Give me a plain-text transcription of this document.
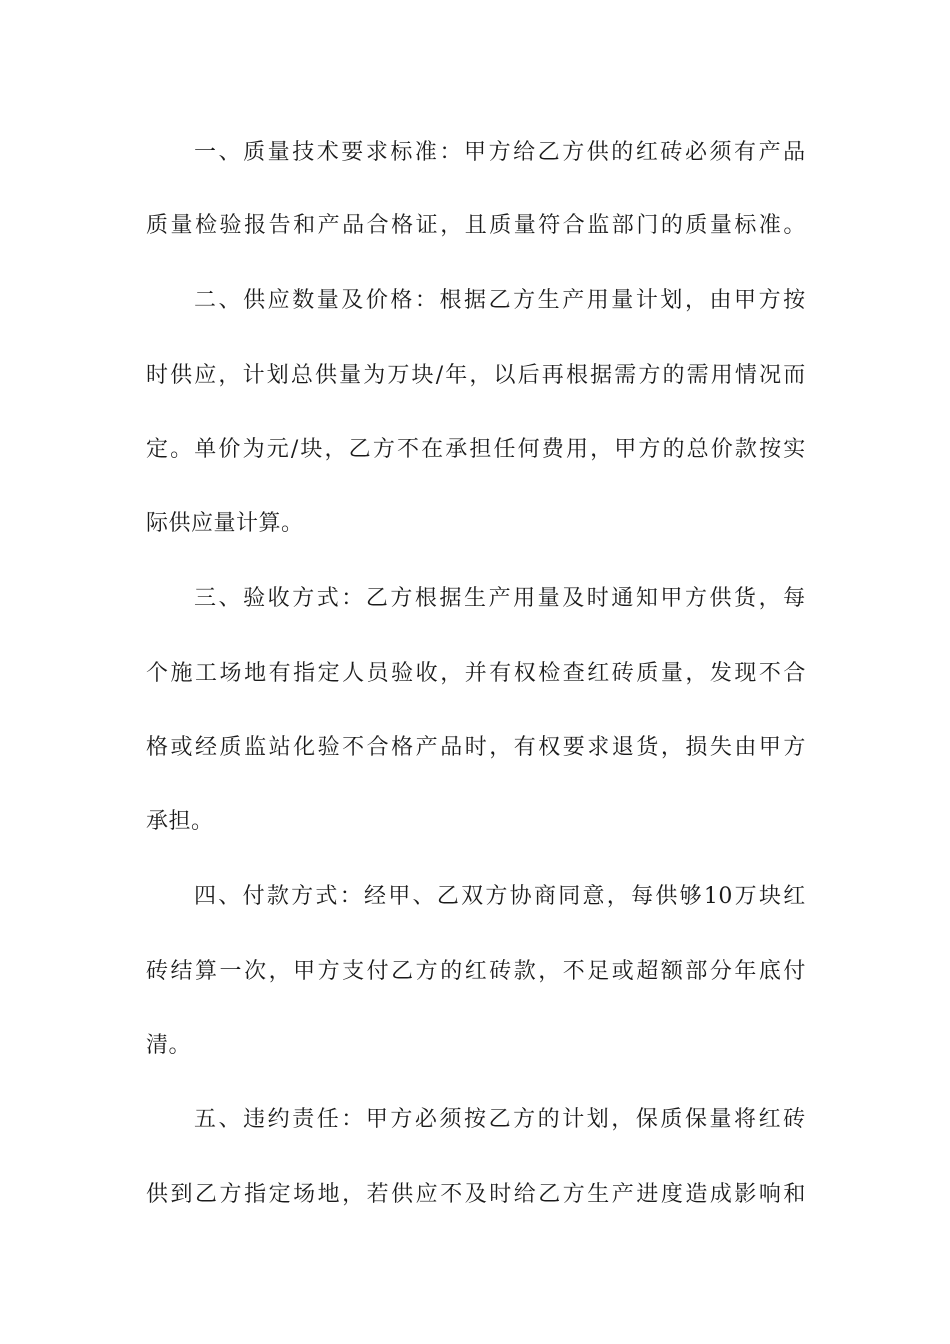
一 、 质 量 技 术 要 求 标 准 ： 甲 方 给 乙 方 供 的 红 砖 必 须 有 产 品
质 量 检 验 报 告 和 产 品 合 格 证 ， 且 质 量 符 合 监 部 门 的 质 量 标 准 。
二 、 供 应 数 量 及 价 格 ： 根 据 乙 方 生 产 用 量 计 划 ， 由 甲 方 按
时 供 应 ， 计 划 总 供 量 为 万 块 / 年 ， 以 后 再 根 据 需 方 的 需 用 情 况 而
定 。 单 价 为 元 / 块 ， 乙 方 不 在 承 担 任 何 费 用 ， 甲 方 的 总 价 款 按 实
际供应量计算。
三 、 验 收 方 式 ： 乙 方 根 据 生 产 用 量 及 时 通 知 甲 方 供 货 ， 每
个 施 工 场 地 有 指 定 人 员 验 收 ， 并 有 权 检 查 红 砖 质 量 ， 发 现 不 合
格 或 经 质 监 站 化 验 不 合 格 产 品 时 ， 有 权 要 求 退 货 ， 损 失 由 甲 方
承担。
四 、 付 款 方 式 ： 经 甲 、 乙 双 方 协 商 同 意 ， 每 供 够 10 万 块 红
砖 结 算 一 次 ， 甲 方 支 付 乙 方 的 红 砖 款 ， 不 足 或 超 额 部 分 年 底 付
清。
五 、 违 约 责 任 ： 甲 方 必 须 按 乙 方 的 计 划 ， 保 质 保 量 将 红 砖
供 到 乙 方 指 定 场 地 ， 若 供 应 不 及 时 给 乙 方 生 产 进 度 造 成 影 响 和
